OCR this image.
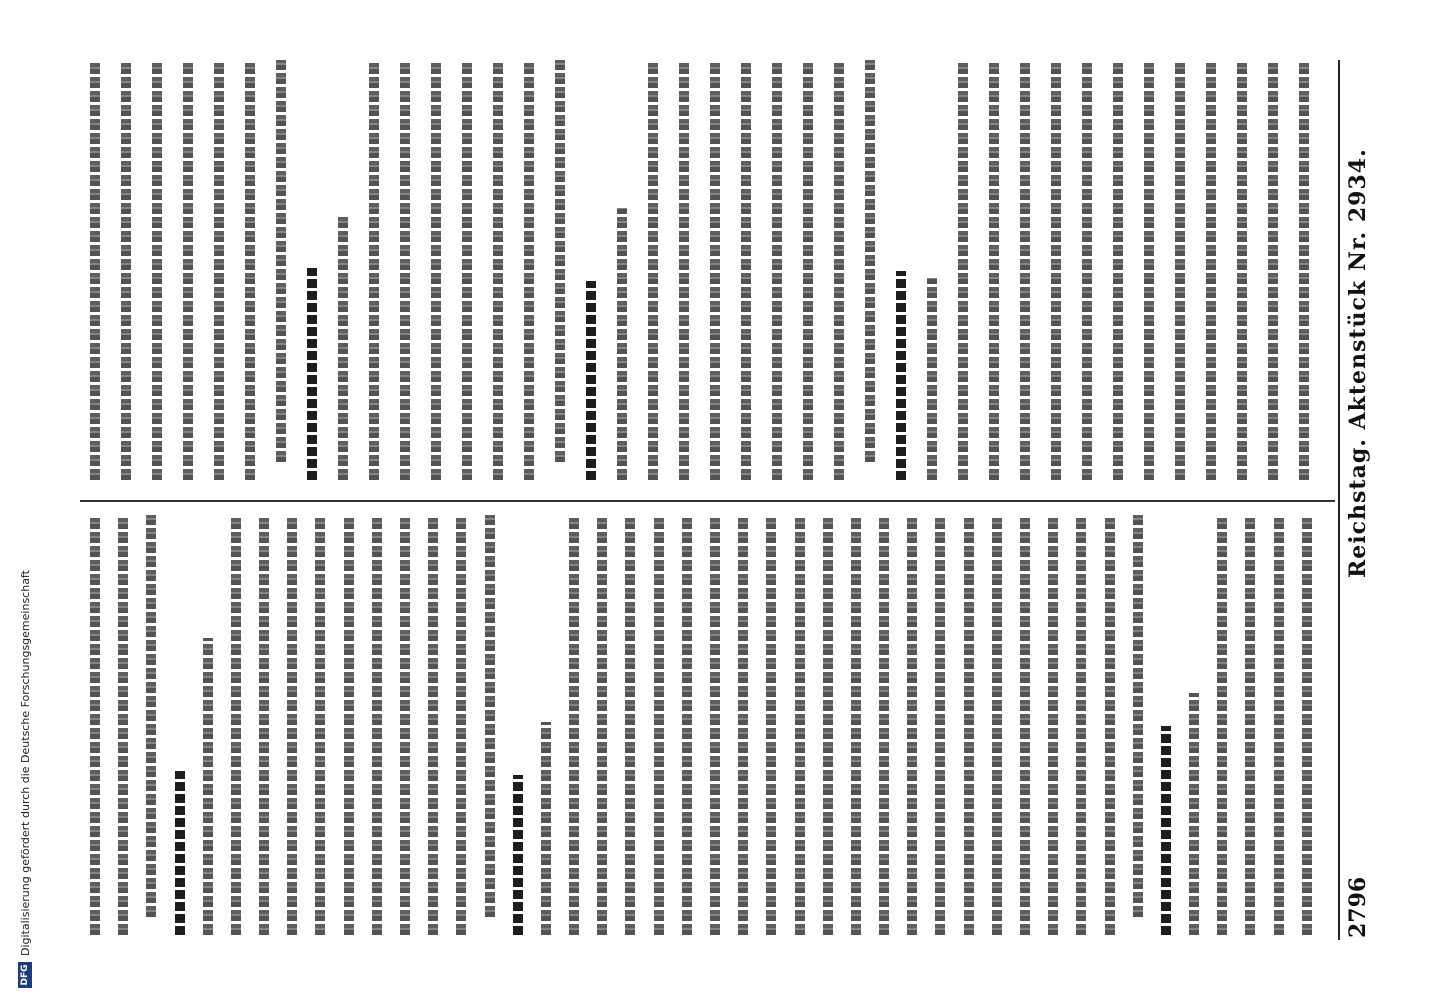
2796
Reichstag. Aktenstück Nr. 2934.
DFG
Digitalisierung gefördert durch die Deutsche Forschungsgemeinschaft
